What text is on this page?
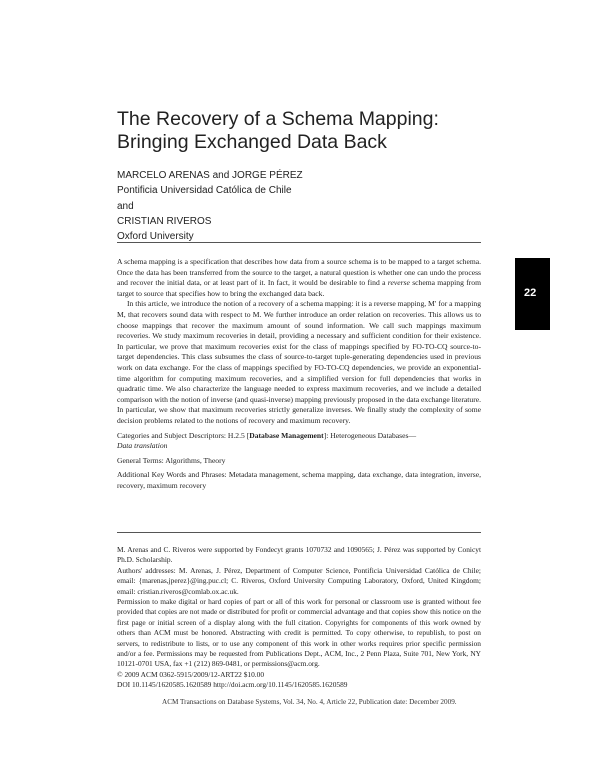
The Recovery of a Schema Mapping:
Bringing Exchanged Data Back
MARCELO ARENAS and JORGE PÉREZ
Pontificia Universidad Católica de Chile
and
CRISTIAN RIVEROS
Oxford University
22

A schema mapping is a specification that describes how data from a source schema is to be mapped to a target schema. Once the data has been transferred from the source to the target, a natural question is whether one can undo the process and recover the initial data, or at least part of it. In fact, it would be desirable to find a reverse schema mapping from target to source that specifies how to bring the exchanged data back.

In this article, we introduce the notion of a recovery of a schema mapping: it is a reverse mapping, M′ for a mapping M, that recovers sound data with respect to M. We further introduce an order relation on recoveries. This allows us to choose mappings that recover the maximum amount of sound information. We call such mappings maximum recoveries. We study maximum recoveries in detail, providing a necessary and sufficient condition for their existence. In particular, we prove that maximum recoveries exist for the class of mappings specified by FO-TO-CQ source-to-target dependencies. This class subsumes the class of source-to-target tuple-generating dependencies used in previous work on data exchange. For the class of mappings specified by FO-TO-CQ dependencies, we provide an exponential-time algorithm for computing maximum recoveries, and a simplified version for full dependencies that works in quadratic time. We also characterize the language needed to express maximum recoveries, and we include a detailed comparison with the notion of inverse (and quasi-inverse) mapping previously proposed in the data exchange literature. In particular, we show that maximum recoveries strictly generalize inverses. We finally study the complexity of some decision problems related to the notions of recovery and maximum recovery.

Categories and Subject Descriptors: H.2.5 [Database Management]: Heterogeneous Databases—
Data translation

General Terms: Algorithms, Theory

Additional Key Words and Phrases: Metadata management, schema mapping, data exchange, data integration, inverse, recovery, maximum recovery

M. Arenas and C. Riveros were supported by Fondecyt grants 1070732 and 1090565; J. Pérez was supported by Conicyt Ph.D. Scholarship.

Authors' addresses: M. Arenas, J. Pérez, Department of Computer Science, Pontificia Universidad Católica de Chile; email: {marenas,jperez}@ing.puc.cl; C. Riveros, Oxford University Computing Laboratory, Oxford, United Kingdom; email: cristian.riveros@comlab.ox.ac.uk.

Permission to make digital or hard copies of part or all of this work for personal or classroom use is granted without fee provided that copies are not made or distributed for profit or commercial advantage and that copies show this notice on the first page or initial screen of a display along with the full citation. Copyrights for components of this work owned by others than ACM must be honored. Abstracting with credit is permitted. To copy otherwise, to republish, to post on servers, to redistribute to lists, or to use any component of this work in other works requires prior specific permission and/or a fee. Permissions may be requested from Publications Dept., ACM, Inc., 2 Penn Plaza, Suite 701, New York, NY 10121-0701 USA, fax +1 (212) 869-0481, or permissions@acm.org.

© 2009 ACM 0362-5915/2009/12-ART22 $10.00

DOI 10.1145/1620585.1620589 http://doi.acm.org/10.1145/1620585.1620589

ACM Transactions on Database Systems, Vol. 34, No. 4, Article 22, Publication date: December 2009.
